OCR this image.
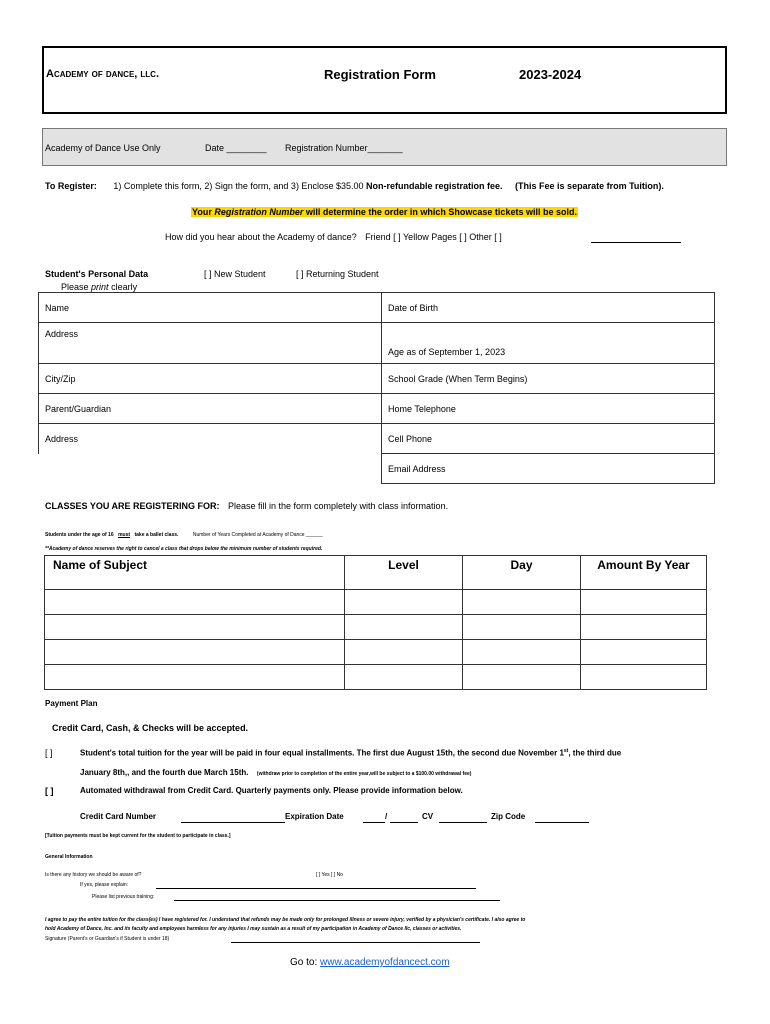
Academy of dance, llc.	Registration Form	2023-2024
Academy of Dance Use Only	Date ________ Registration Number_______
To Register: 1) Complete this form, 2) Sign the form, and 3) Enclose $35.00 Non-refundable registration fee. (This Fee is separate from Tuition).
Your Registration Number will determine the order in which Showcase tickets will be sold.
How did you hear about the Academy of dance? Friend [ ] Yellow Pages [ ] Other [ ]
Student's Personal Data	[ ] New Student	[ ] Returning Student
Please print clearly
Name	Date of Birth
Address	Age as of September 1, 2023
City/Zip	School Grade (When Term Begins)
Parent/Guardian	Home Telephone
Address	Cell Phone
	Email Address
CLASSES YOU ARE REGISTERING FOR: Please fill in the form completely with class information.
Students under the age of 16 must take a ballet class.	Number of Years Completed at Academy of Dance ______
**Academy of dance reserves the right to cancel a class that drops below the minimum number of students required.
Name of Subject	Level	Day	Amount By Year

Payment Plan
Credit Card, Cash, & Checks will be accepted.
[ ]	Student's total tuition for the year will be paid in four equal installments. The first due August 15th, the second due November 1st, the third due
January 8th,, and the fourth due March 15th. (withdraw prior to completion of the entire year,will be subject to a $100.00 withdrawal fee)
[ ]	Automated withdrawal from Credit Card. Quarterly payments only. Please provide information below.
Credit Card Number	Expiration Date	/	CV	Zip Code
[Tuition payments must be kept current for the student to participate in class.]
General Information
Is there any history we should be aware of?	[ ] Yes [ ] No
If yes, please explain:
Please list previous training:
I agree to pay the entire tuition for the class(es) I have registered for. I understand that refunds may be made only for prolonged illness or severe injury, verified by a physician's certificate. I also agree to
hold Academy of Dance, Inc. and its faculty and employees harmless for any injuries I may sustain as a result of my participation in Academy of Dance llc, classes or activities.
Signature (Parent's or Guardian's if Student is under 18)
Go to: www.academyofdancect.com
